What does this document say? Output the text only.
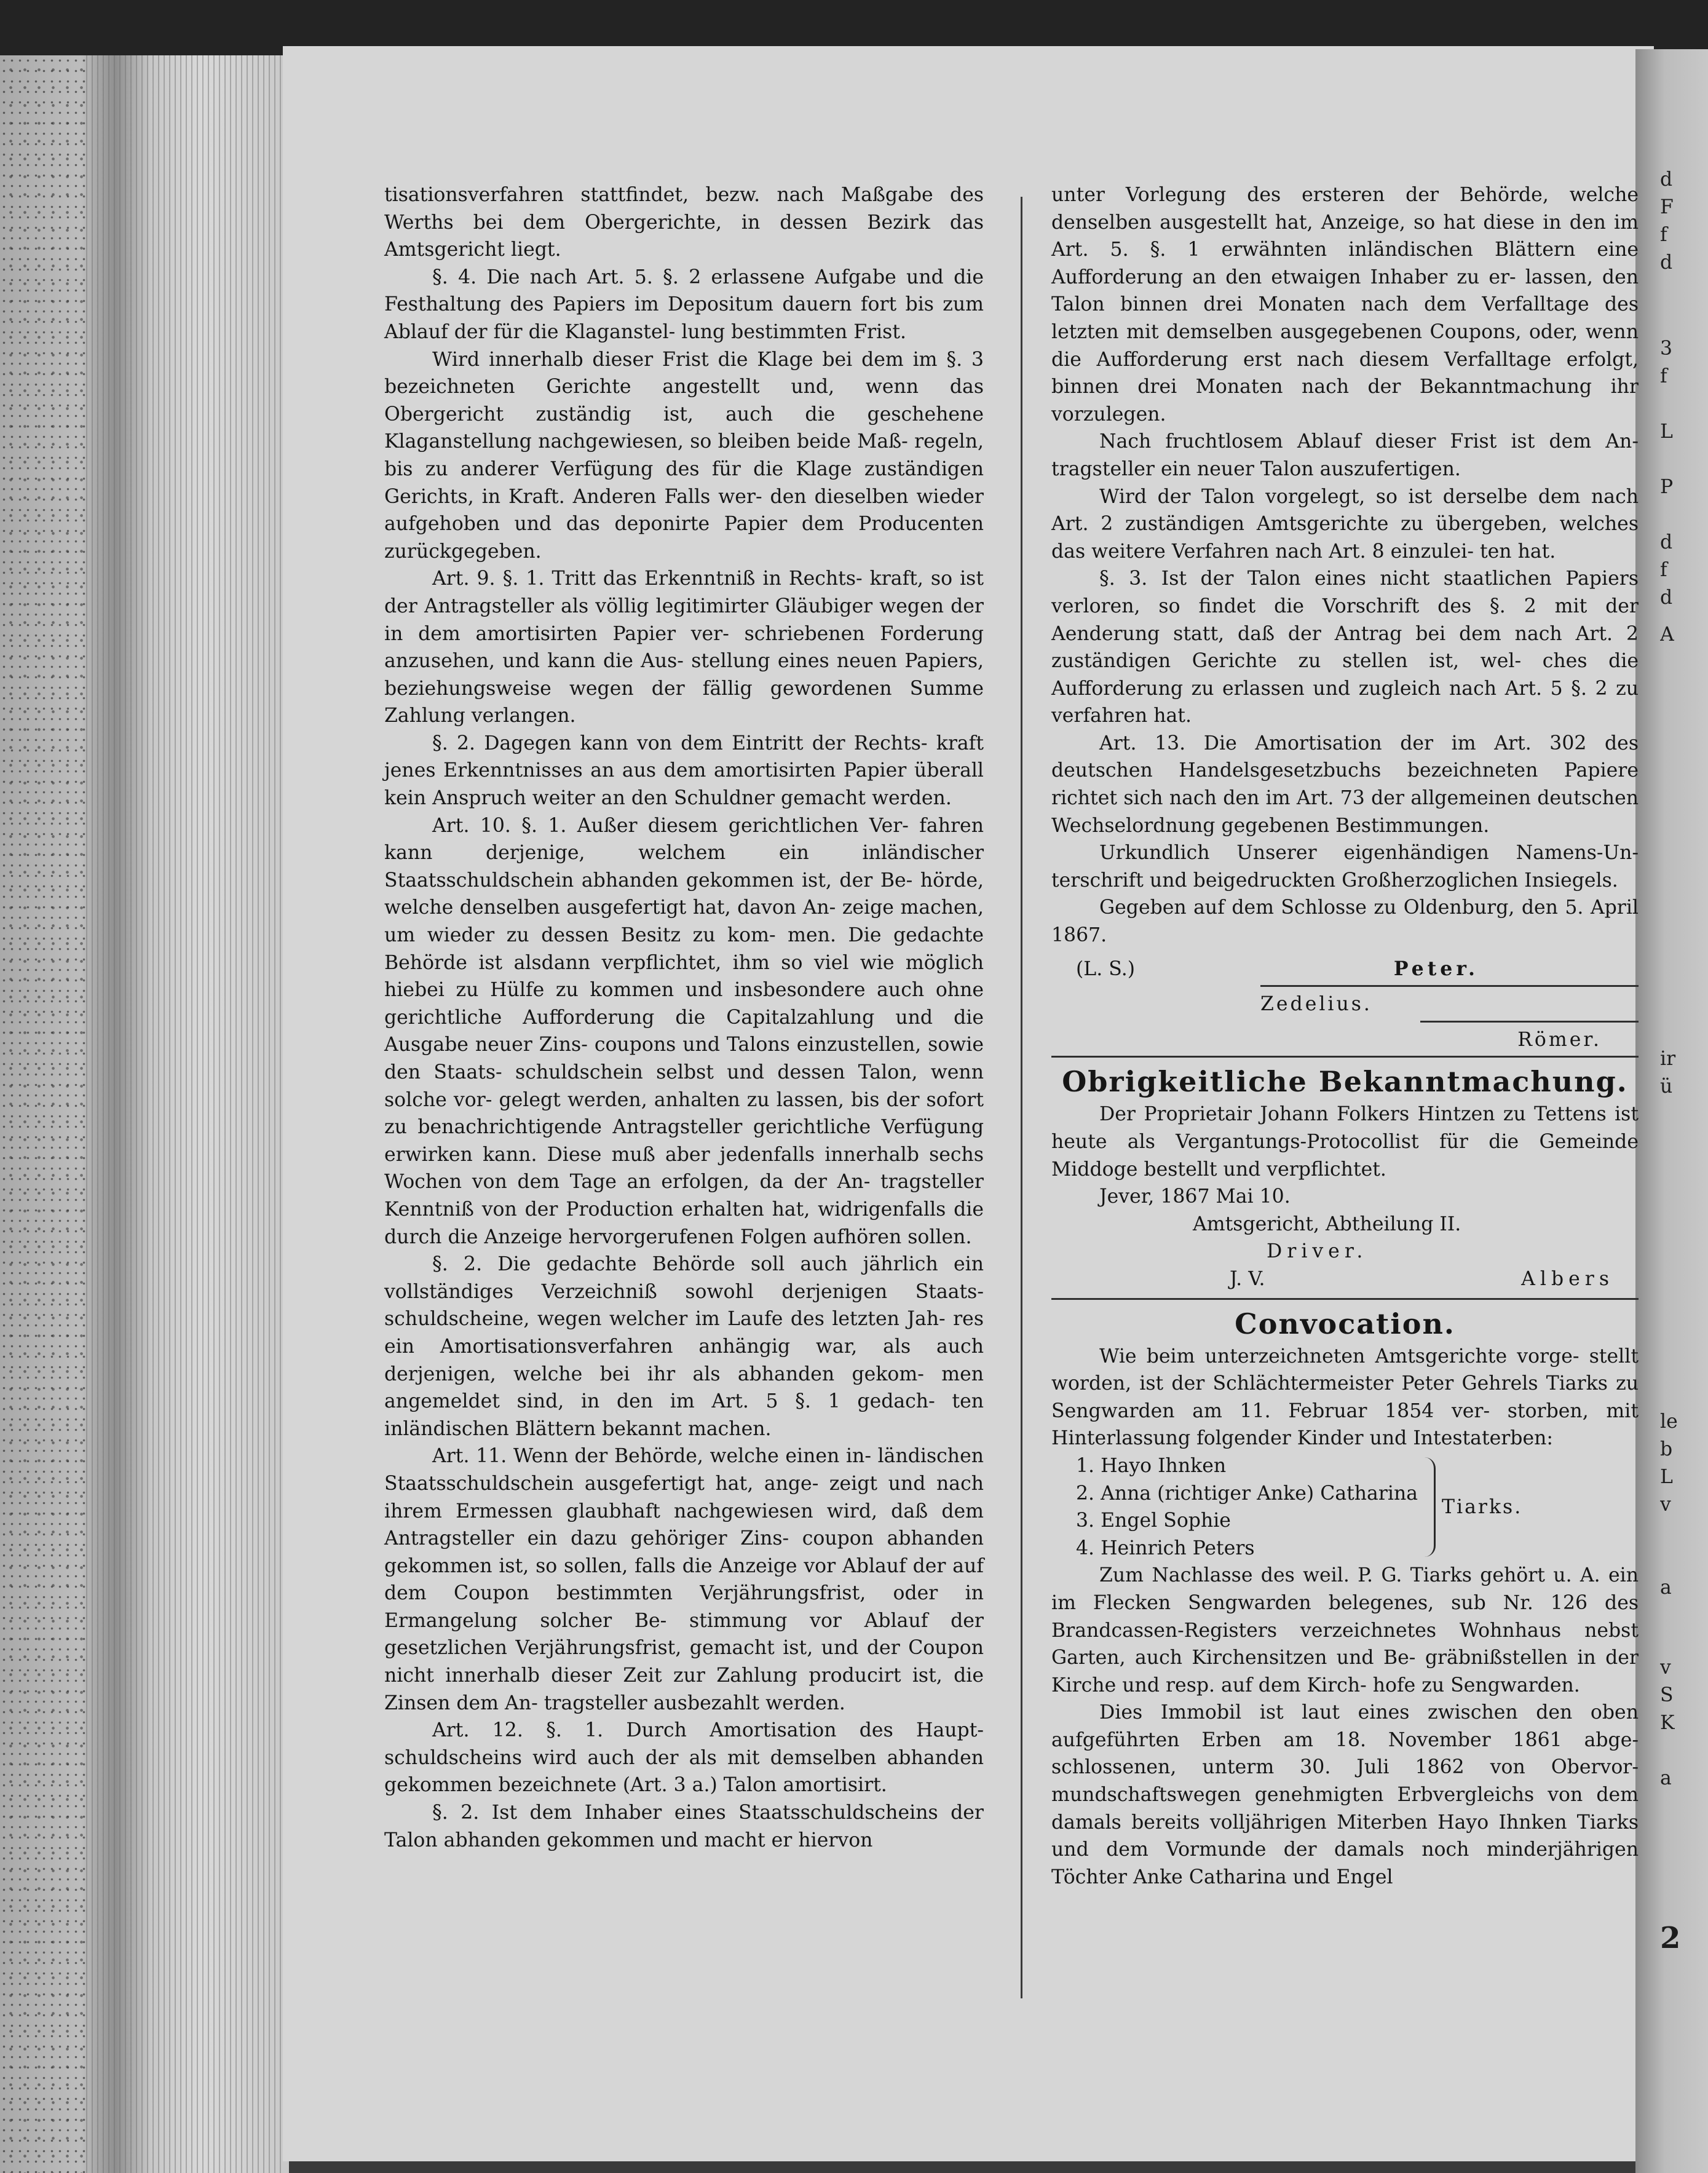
tisationsverfahren stattfindet, bezw. nach Maßgabe des Werths bei dem Obergerichte, in dessen Bezirk das Amtsgericht liegt.

§. 4. Die nach Art. 5. §. 2 erlassene Aufgabe und die Festhaltung des Papiers im Depositum dauern fort bis zum Ablauf der für die Klaganstel- lung bestimmten Frist.

Wird innerhalb dieser Frist die Klage bei dem im §. 3 bezeichneten Gerichte angestellt und, wenn das Obergericht zuständig ist, auch die geschehene Klaganstellung nachgewiesen, so bleiben beide Maß- regeln, bis zu anderer Verfügung des für die Klage zuständigen Gerichts, in Kraft. Anderen Falls wer- den dieselben wieder aufgehoben und das deponirte Papier dem Producenten zurückgegeben.

Art. 9. §. 1. Tritt das Erkenntniß in Rechts- kraft, so ist der Antragsteller als völlig legitimirter Gläubiger wegen der in dem amortisirten Papier ver- schriebenen Forderung anzusehen, und kann die Aus- stellung eines neuen Papiers, beziehungsweise wegen der fällig gewordenen Summe Zahlung verlangen.

§. 2. Dagegen kann von dem Eintritt der Rechts- kraft jenes Erkenntnisses an aus dem amortisirten Papier überall kein Anspruch weiter an den Schuldner gemacht werden.

Art. 10. §. 1. Außer diesem gerichtlichen Ver- fahren kann derjenige, welchem ein inländischer Staatsschuldschein abhanden gekommen ist, der Be- hörde, welche denselben ausgefertigt hat, davon An- zeige machen, um wieder zu dessen Besitz zu kom- men. Die gedachte Behörde ist alsdann verpflichtet, ihm so viel wie möglich hiebei zu Hülfe zu kommen und insbesondere auch ohne gerichtliche Aufforderung die Capitalzahlung und die Ausgabe neuer Zins- coupons und Talons einzustellen, sowie den Staats- schuldschein selbst und dessen Talon, wenn solche vor- gelegt werden, anhalten zu lassen, bis der sofort zu benachrichtigende Antragsteller gerichtliche Verfügung erwirken kann. Diese muß aber jedenfalls innerhalb sechs Wochen von dem Tage an erfolgen, da der An- tragsteller Kenntniß von der Production erhalten hat, widrigenfalls die durch die Anzeige hervorgerufenen Folgen aufhören sollen.

§. 2. Die gedachte Behörde soll auch jährlich ein vollständiges Verzeichniß sowohl derjenigen Staats- schuldscheine, wegen welcher im Laufe des letzten Jah- res ein Amortisationsverfahren anhängig war, als auch derjenigen, welche bei ihr als abhanden gekom- men angemeldet sind, in den im Art. 5 §. 1 gedach- ten inländischen Blättern bekannt machen.

Art. 11. Wenn der Behörde, welche einen in- ländischen Staatsschuldschein ausgefertigt hat, ange- zeigt und nach ihrem Ermessen glaubhaft nachgewiesen wird, daß dem Antragsteller ein dazu gehöriger Zins- coupon abhanden gekommen ist, so sollen, falls die Anzeige vor Ablauf der auf dem Coupon bestimmten Verjährungsfrist, oder in Ermangelung solcher Be- stimmung vor Ablauf der gesetzlichen Verjährungsfrist, gemacht ist, und der Coupon nicht innerhalb dieser Zeit zur Zahlung producirt ist, die Zinsen dem An- tragsteller ausbezahlt werden.

Art. 12. §. 1. Durch Amortisation des Haupt- schuldscheins wird auch der als mit demselben abhanden gekommen bezeichnete (Art. 3 a.) Talon amortisirt.

§. 2. Ist dem Inhaber eines Staatsschuldscheins der Talon abhanden gekommen und macht er hiervon

unter Vorlegung des ersteren der Behörde, welche denselben ausgestellt hat, Anzeige, so hat diese in den im Art. 5. §. 1 erwähnten inländischen Blättern eine Aufforderung an den etwaigen Inhaber zu er- lassen, den Talon binnen drei Monaten nach dem Verfalltage des letzten mit demselben ausgegebenen Coupons, oder, wenn die Aufforderung erst nach diesem Verfalltage erfolgt, binnen drei Monaten nach der Bekanntmachung ihr vorzulegen.

Nach fruchtlosem Ablauf dieser Frist ist dem An- tragsteller ein neuer Talon auszufertigen.

Wird der Talon vorgelegt, so ist derselbe dem nach Art. 2 zuständigen Amtsgerichte zu übergeben, welches das weitere Verfahren nach Art. 8 einzulei- ten hat.

§. 3. Ist der Talon eines nicht staatlichen Papiers verloren, so findet die Vorschrift des §. 2 mit der Aenderung statt, daß der Antrag bei dem nach Art. 2 zuständigen Gerichte zu stellen ist, wel- ches die Aufforderung zu erlassen und zugleich nach Art. 5 §. 2 zu verfahren hat.

Art. 13. Die Amortisation der im Art. 302 des deutschen Handelsgesetzbuchs bezeichneten Papiere richtet sich nach den im Art. 73 der allgemeinen deutschen Wechselordnung gegebenen Bestimmungen.

Urkundlich Unserer eigenhändigen Namens-Un- terschrift und beigedruckten Großherzoglichen Insiegels.

Gegeben auf dem Schlosse zu Oldenburg, den 5. April 1867.

(L. S.)	Peter.
Zedelius.
Römer.
Obrigkeitliche Bekanntmachung.

Der Proprietair Johann Folkers Hintzen zu Tettens ist heute als Vergantungs-Protocollist für die Gemeinde Middoge bestellt und verpflichtet.

Jever, 1867 Mai 10.

Amtsgericht, Abtheilung II.

Driver.

J. V.	Albers
Convocation.

Wie beim unterzeichneten Amtsgerichte vorge- stellt worden, ist der Schlächtermeister Peter Gehrels Tiarks zu Sengwarden am 11. Februar 1854 ver- storben, mit Hinterlassung folgender Kinder und Intestaterben:

1. Hayo Ihnken
2. Anna (richtiger Anke) Catharina
3. Engel Sophie
4. Heinrich Peters
Tiarks.

Zum Nachlasse des weil. P. G. Tiarks gehört u. A. ein im Flecken Sengwarden belegenes, sub Nr. 126 des Brandcassen-Registers verzeichnetes Wohnhaus nebst Garten, auch Kirchensitzen und Be- gräbnißstellen in der Kirche und resp. auf dem Kirch- hofe zu Sengwarden.

Dies Immobil ist laut eines zwischen den oben aufgeführten Erben am 18. November 1861 abge- schlossenen, unterm 30. Juli 1862 von Obervor- mundschaftswegen genehmigten Erbvergleichs von dem damals bereits volljährigen Miterben Hayo Ihnken Tiarks und dem Vormunde der damals noch minderjährigen Töchter Anke Catharina und Engel

d
F
f
d
3
f
L
P
d
f
d
A
ir
ü
le
b
L
v
a
v
S
K
a
2
